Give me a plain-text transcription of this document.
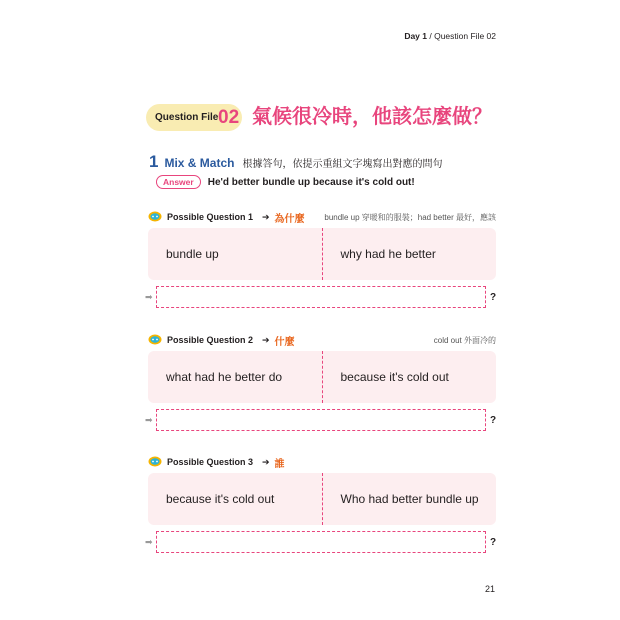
Day 1 / Question File 02
Question File 02 氣候很冷時，他該怎麼做？
1 Mix & Match 根據答句，依提示重組文字塊寫出對應的問句
Answer	He'd better bundle up because it's cold out!
Possible Question 1 ➔ 為什麼 bundle up 穿暖和的服裝；had better 最好，應該
bundle up	why had he better
➡	?
Possible Question 2 ➔ 什麼	cold out 外面冷的
what had he better do	because it's cold out
➡	?
Possible Question 3 ➔ 誰
because it's cold out	Who had better bundle up
➡	?
21
